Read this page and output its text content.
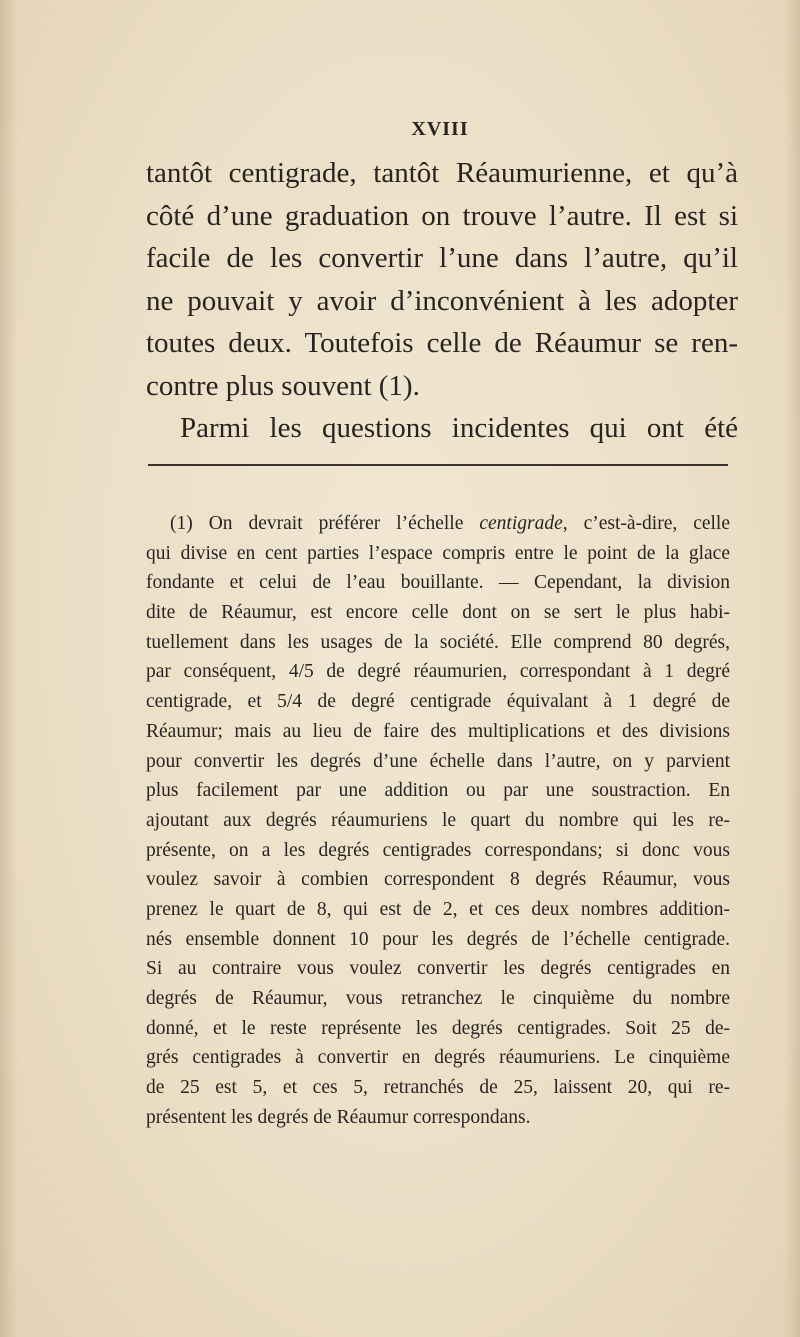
XVIII
tantôt centigrade, tantôt Réaumurienne, et qu’à
côté d’une graduation on trouve l’autre. Il est si
facile de les convertir l’une dans l’autre, qu’il
ne pouvait y avoir d’inconvénient à les adopter
toutes deux. Toutefois celle de Réaumur se ren-
contre plus souvent (1).
Parmi les questions incidentes qui ont été
(1) On devrait préférer l’échelle centigrade, c’est-à-dire, celle
qui divise en cent parties l’espace compris entre le point de la glace
fondante et celui de l’eau bouillante. — Cependant, la division
dite de Réaumur, est encore celle dont on se sert le plus habi-
tuellement dans les usages de la société. Elle comprend 80 degrés,
par conséquent, 4/5 de degré réaumurien, correspondant à 1 degré
centigrade, et 5/4 de degré centigrade équivalant à 1 degré de
Réaumur; mais au lieu de faire des multiplications et des divisions
pour convertir les degrés d’une échelle dans l’autre, on y parvient
plus facilement par une addition ou par une soustraction. En
ajoutant aux degrés réaumuriens le quart du nombre qui les re-
présente, on a les degrés centigrades correspondans; si donc vous
voulez savoir à combien correspondent 8 degrés Réaumur, vous
prenez le quart de 8, qui est de 2, et ces deux nombres addition-
nés ensemble donnent 10 pour les degrés de l’échelle centigrade.
Si au contraire vous voulez convertir les degrés centigrades en
degrés de Réaumur, vous retranchez le cinquième du nombre
donné, et le reste représente les degrés centigrades. Soit 25 de-
grés centigrades à convertir en degrés réaumuriens. Le cinquième
de 25 est 5, et ces 5, retranchés de 25, laissent 20, qui re-
présentent les degrés de Réaumur correspondans.
